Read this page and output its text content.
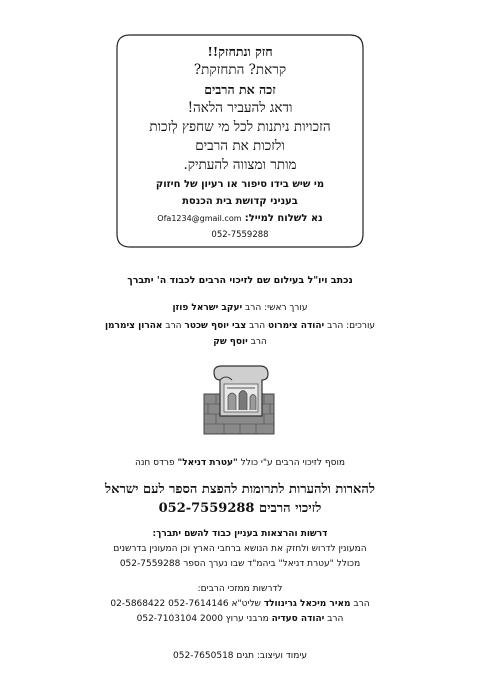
חזק ונתחזק!!
קראת? התחזקת?
זכה את הרבים
ודאג להעביר הלאה!
הזכויות ניתנות לכל מי שחפץ לְזכות
ולזכות את הרבים
מותר ומצווה להעתיק.
מי שיש בידו סיפור או רעיון של חיזוק
בעניני קדושת בית הכנסת
נא לשלוח למייל: Ofa1234@gmail.com
052-7559288
נכתב ויו"ל בעילום שם לזיכוי הרבים לכבוד ה' יתברך
עורך ראשי: הרב יעקב ישראל פוזן
עורכים: הרב יהודה צימרוט הרב צבי יוסף שכטר הרב אהרון צימרמן
הרב יוסף שק
מוסף לזיכוי הרבים ע"י כולל "עטרת דניאל" פרדס חנה
להארות ולהערות לתרומות להפצת הספר לעם ישראל
לזיכוי הרבים 052-7559288
דרשות והרצאות בעניין כבוד להשם יתברך:
המעונין לדרוש ולחזק את הנושא ברחבי הארץ וכן המעונין בדרשנים
מכולל "עטרת דניאל" ביהמ"ד שבו נערך הספר 052-7559288
לדרשות ממזכי הרבים:
הרב מאיר מיכאל גרינוולד שליט"א 052-7614146 02-5868422
הרב יהודה סעדיה מרבני ערוץ 2000 052-7103104
עימוד ועיצוב: תגים 052-7650518
